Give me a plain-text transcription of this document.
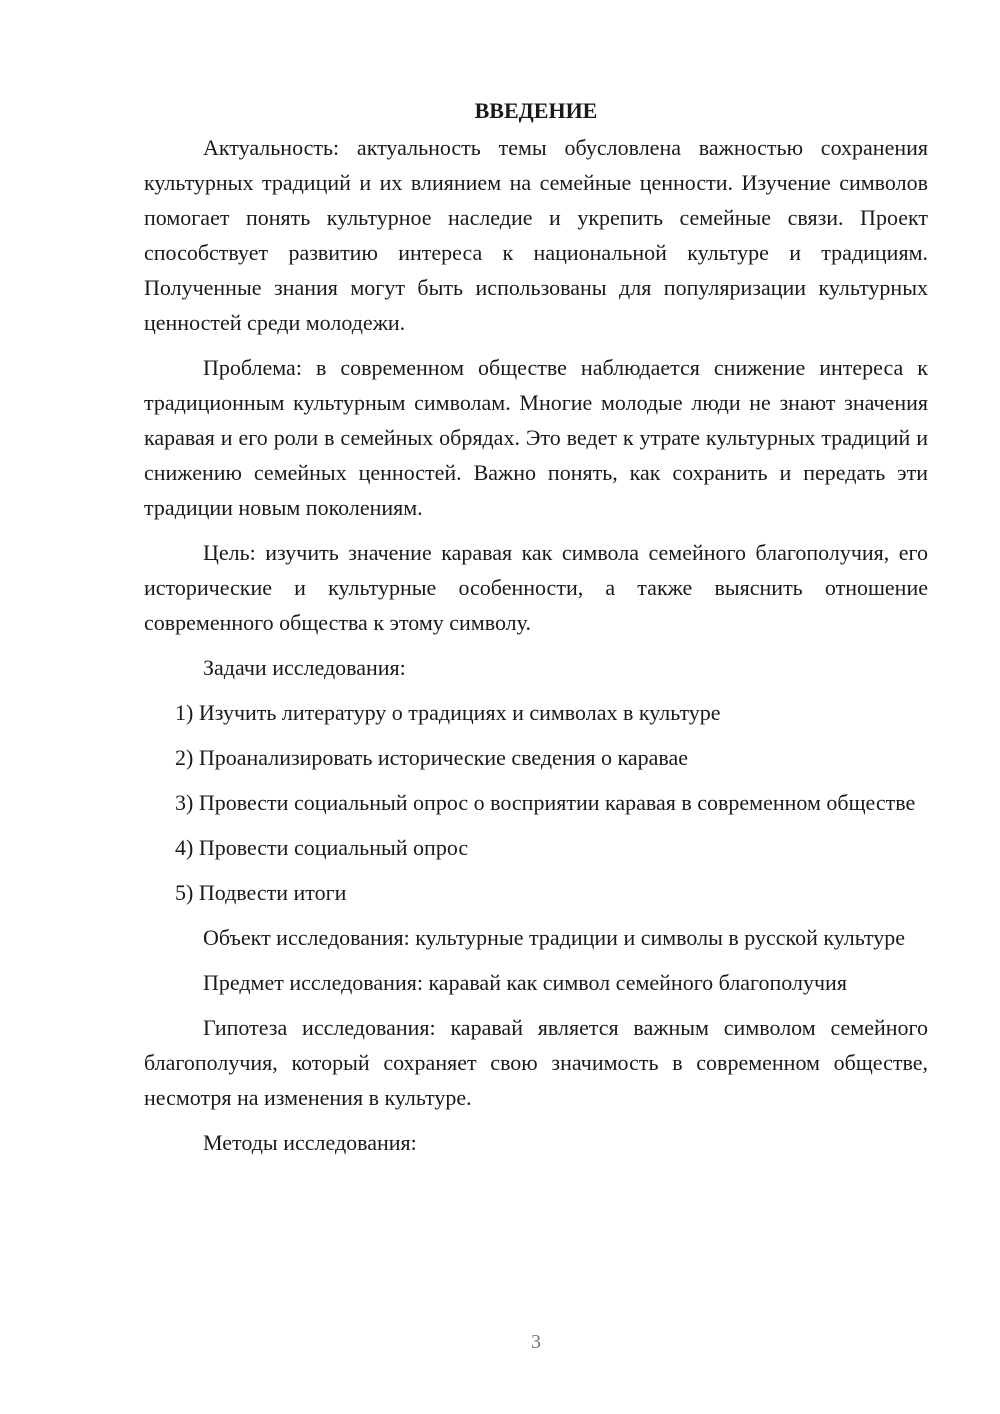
ВВЕДЕНИЕ

Актуальность: актуальность темы обусловлена важностью сохранения культурных традиций и их влиянием на семейные ценности. Изучение символов помогает понять культурное наследие и укрепить семейные связи. Проект способствует развитию интереса к национальной культуре и традициям. Полученные знания могут быть использованы для популяризации культурных ценностей среди молодежи.

Проблема: в современном обществе наблюдается снижение интереса к традиционным культурным символам. Многие молодые люди не знают значения каравая и его роли в семейных обрядах. Это ведет к утрате культурных традиций и снижению семейных ценностей. Важно понять, как сохранить и передать эти традиции новым поколениям.

Цель: изучить значение каравая как символа семейного благополучия, его исторические и культурные особенности, а также выяснить отношение современного общества к этому символу.

Задачи исследования:

1) Изучить литературу о традициях и символах в культуре

2) Проанализировать исторические сведения о каравае

3) Провести социальный опрос о восприятии каравая в современном обществе

4) Провести социальный опрос

5) Подвести итоги

Объект исследования: культурные традиции и символы в русской культуре

Предмет исследования: каравай как символ семейного благополучия

Гипотеза исследования: каравай является важным символом семейного благополучия, который сохраняет свою значимость в современном обществе, несмотря на изменения в культуре.

Методы исследования:

3
